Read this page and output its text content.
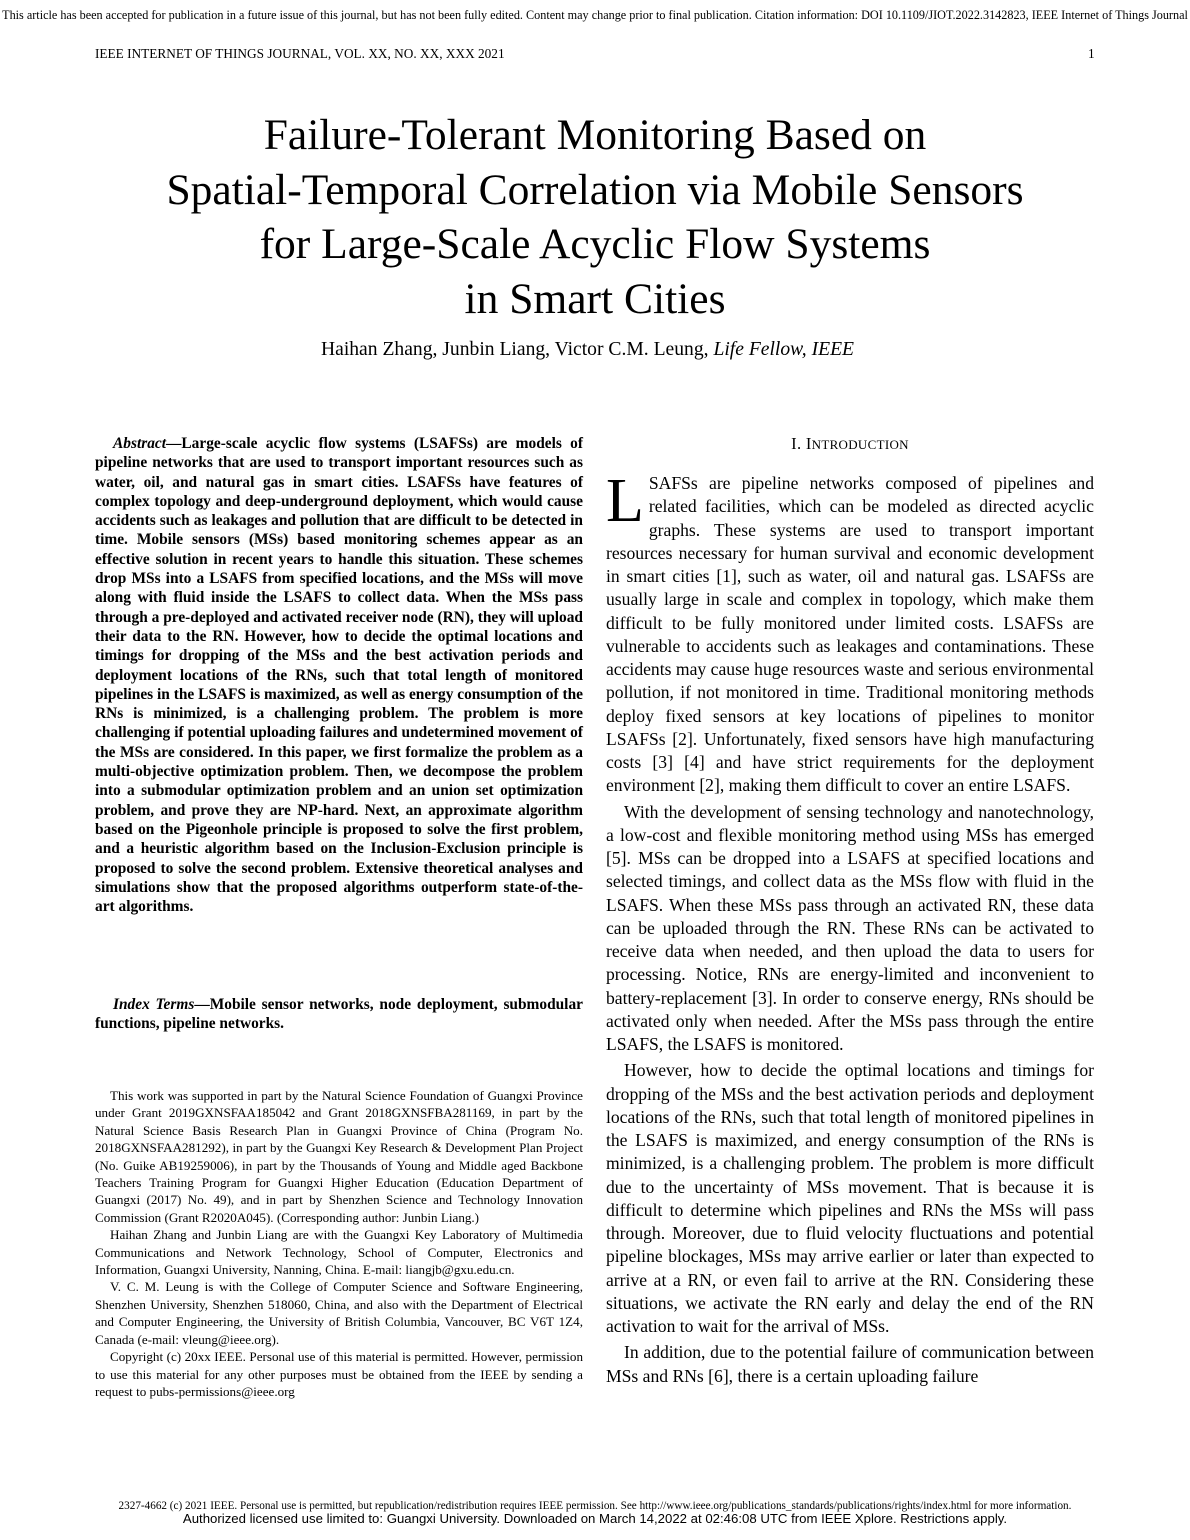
This article has been accepted for publication in a future issue of this journal, but has not been fully edited. Content may change prior to final publication. Citation information: DOI 10.1109/JIOT.2022.3142823, IEEE Internet of Things Journal
IEEE INTERNET OF THINGS JOURNAL, VOL. XX, NO. XX, XXX 2021	1
Failure-Tolerant Monitoring Based on
Spatial-Temporal Correlation via Mobile Sensors
for Large-Scale Acyclic Flow Systems
in Smart Cities
Haihan Zhang, Junbin Liang, Victor C.M. Leung, Life Fellow, IEEE

Abstract—Large-scale acyclic flow systems (LSAFSs) are models of pipeline networks that are used to transport important resources such as water, oil, and natural gas in smart cities. LSAFSs have features of complex topology and deep-underground deployment, which would cause accidents such as leakages and pollution that are difficult to be detected in time. Mobile sensors (MSs) based monitoring schemes appear as an effective solution in recent years to handle this situation. These schemes drop MSs into a LSAFS from specified locations, and the MSs will move along with fluid inside the LSAFS to collect data. When the MSs pass through a pre-deployed and activated receiver node (RN), they will upload their data to the RN. However, how to decide the optimal locations and timings for dropping of the MSs and the best activation periods and deployment locations of the RNs, such that total length of monitored pipelines in the LSAFS is maximized, as well as energy consumption of the RNs is minimized, is a challenging problem. The problem is more challenging if potential uploading failures and undetermined movement of the MSs are considered. In this paper, we first formalize the problem as a multi-objective optimization problem. Then, we decompose the problem into a submodular optimization problem and an union set optimization problem, and prove they are NP-hard. Next, an approximate algorithm based on the Pigeonhole principle is proposed to solve the first problem, and a heuristic algorithm based on the Inclusion-Exclusion principle is proposed to solve the second problem. Extensive theoretical analyses and simulations show that the proposed algorithms outperform state-of-the-art algorithms.

Index Terms—Mobile sensor networks, node deployment, submodular functions, pipeline networks.

This work was supported in part by the Natural Science Foundation of Guangxi Province under Grant 2019GXNSFAA185042 and Grant 2018GXNSFBA281169, in part by the Natural Science Basis Research Plan in Guangxi Province of China (Program No. 2018GXNSFAA281292), in part by the Guangxi Key Research & Development Plan Project (No. Guike AB19259006), in part by the Thousands of Young and Middle aged Backbone Teachers Training Program for Guangxi Higher Education (Education Department of Guangxi (2017) No. 49), and in part by Shenzhen Science and Technology Innovation Commission (Grant R2020A045). (Corresponding author: Junbin Liang.)

Haihan Zhang and Junbin Liang are with the Guangxi Key Laboratory of Multimedia Communications and Network Technology, School of Computer, Electronics and Information, Guangxi University, Nanning, China. E-mail: liangjb@gxu.edu.cn.

V. C. M. Leung is with the College of Computer Science and Software Engineering, Shenzhen University, Shenzhen 518060, China, and also with the Department of Electrical and Computer Engineering, the University of British Columbia, Vancouver, BC V6T 1Z4, Canada (e-mail: vleung@ieee.org).

Copyright (c) 20xx IEEE. Personal use of this material is permitted. However, permission to use this material for any other purposes must be obtained from the IEEE by sending a request to pubs-permissions@ieee.org

I. INTRODUCTION

L SAFSs are pipeline networks composed of pipelines and related facilities, which can be modeled as directed acyclic graphs. These systems are used to transport important resources necessary for human survival and economic development in smart cities [1], such as water, oil and natural gas. LSAFSs are usually large in scale and complex in topology, which make them difficult to be fully monitored under limited costs. LSAFSs are vulnerable to accidents such as leakages and contaminations. These accidents may cause huge resources waste and serious environmental pollution, if not monitored in time. Traditional monitoring methods deploy fixed sensors at key locations of pipelines to monitor LSAFSs [2]. Unfortunately, fixed sensors have high manufacturing costs [3] [4] and have strict requirements for the deployment environment [2], making them difficult to cover an entire LSAFS.

With the development of sensing technology and nanotechnology, a low-cost and flexible monitoring method using MSs has emerged [5]. MSs can be dropped into a LSAFS at specified locations and selected timings, and collect data as the MSs flow with fluid in the LSAFS. When these MSs pass through an activated RN, these data can be uploaded through the RN. These RNs can be activated to receive data when needed, and then upload the data to users for processing. Notice, RNs are energy-limited and inconvenient to battery-replacement [3]. In order to conserve energy, RNs should be activated only when needed. After the MSs pass through the entire LSAFS, the LSAFS is monitored.

However, how to decide the optimal locations and timings for dropping of the MSs and the best activation periods and deployment locations of the RNs, such that total length of monitored pipelines in the LSAFS is maximized, and energy consumption of the RNs is minimized, is a challenging problem. The problem is more difficult due to the uncertainty of MSs movement. That is because it is difficult to determine which pipelines and RNs the MSs will pass through. Moreover, due to fluid velocity fluctuations and potential pipeline blockages, MSs may arrive earlier or later than expected to arrive at a RN, or even fail to arrive at the RN. Considering these situations, we activate the RN early and delay the end of the RN activation to wait for the arrival of MSs.

In addition, due to the potential failure of communication between MSs and RNs [6], there is a certain uploading failure

2327-4662 (c) 2021 IEEE. Personal use is permitted, but republication/redistribution requires IEEE permission. See http://www.ieee.org/publications_standards/publications/rights/index.html for more information.
Authorized licensed use limited to: Guangxi University. Downloaded on March 14,2022 at 02:46:08 UTC from IEEE Xplore. Restrictions apply.
